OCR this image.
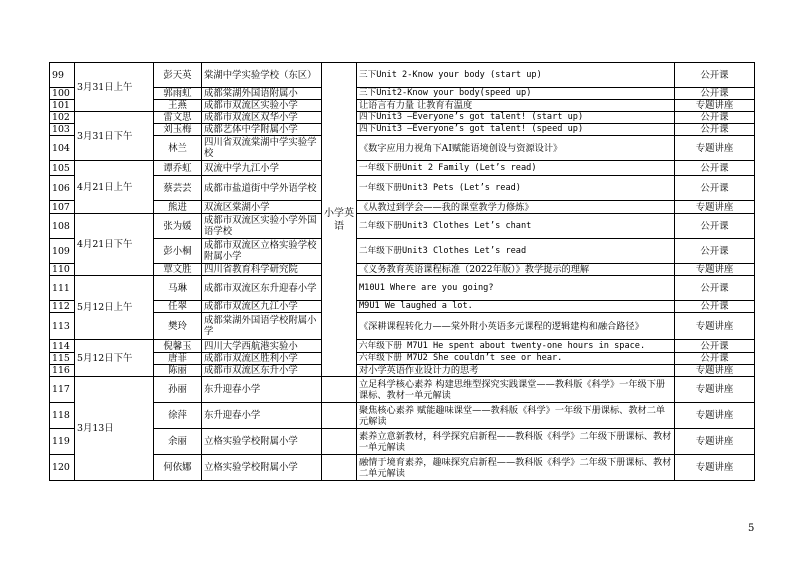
99	3月31日上午	彭天英	棠湖中学实验学校（东区）	小学英语	三下Unit 2-Know your body (start up)	公开课
100		郭雨虹	成都棠湖外国语附属小		三下Unit2-Know your body(speed up)	公开课
101		王燕	成都市双流区实验小学		让语言有力量 让教育有温度	专题讲座
102	3月31日下午	雷文思	成都市双流区双华小学		四下Unit3 —Everyone’s got talent! (start up)	公开课
103		刘玉梅	成都艺体中学附属小学		四下Unit3 —Everyone’s got talent! (speed up)	公开课
104		林兰	四川省双流棠湖中学实验学校		《数字应用力视角下AI赋能语境创设与资源设计》	专题讲座
105	4月21日上午	谭乔虹	双流中学九江小学		一年级下册Unit 2 Family (Let’s read)	公开课
106		蔡芸芸	成都市盐道街中学外语学校		一年级下册Unit3 Pets (Let’s read)	公开课
107		熊进	双流区棠湖小学		《从教过到学会——我的课堂教学力修炼》	专题讲座
108	4月21日下午	张为媛	成都市双流区实验小学外国语学校		二年级下册Unit3 Clothes Let’s chant	公开课
109		彭小桐	成都市双流区立格实验学校附属小学		二年级下册Unit3 Clothes Let’s read	公开课
110		覃文胜	四川省教育科学研究院		《义务教育英语课程标准（2022年版）》教学提示的理解	专题讲座
111	5月12日上午	马琳	成都市双流区东升迎春小学		M10U1 Where are you going?	公开课
112		任翠	成都市双流区九江小学		M9U1 We laughed a lot.	公开课
113		樊玲	成都棠湖外国语学校附属小学		《深耕课程转化力——棠外附小英语多元课程的逻辑建构和融合路径》	专题讲座
114	5月12日下午	倪馨玉	四川大学西航港实验小		六年级下册 M7U1 He spent about twenty-one hours in space.	公开课
115		唐菲	成都市双流区胜利小学		六年级下册 M7U2 She couldn’t see or hear.	公开课
116		陈丽	成都市双流区东升小学		对小学英语作业设计力的思考	专题讲座
117	3月13日	孙丽	东升迎春小学		立足科学核心素养 构建思维型探究实践课堂——教科版《科学》一年级下册课标、教材一单元解读	专题讲座
118		徐萍	东升迎春小学		聚焦核心素养 赋能趣味课堂——教科版《科学》一年级下册课标、教材二单元解读	专题讲座
119		余丽	立格实验学校附属小学		素养立意新教材，科学探究启新程——教科版《科学》二年级下册课标、教材一单元解读	专题讲座
120		何依娜	立格实验学校附属小学		融情于境育素养，趣味探究启新程——教科版《科学》二年级下册课标、教材二单元解读	专题讲座
5
